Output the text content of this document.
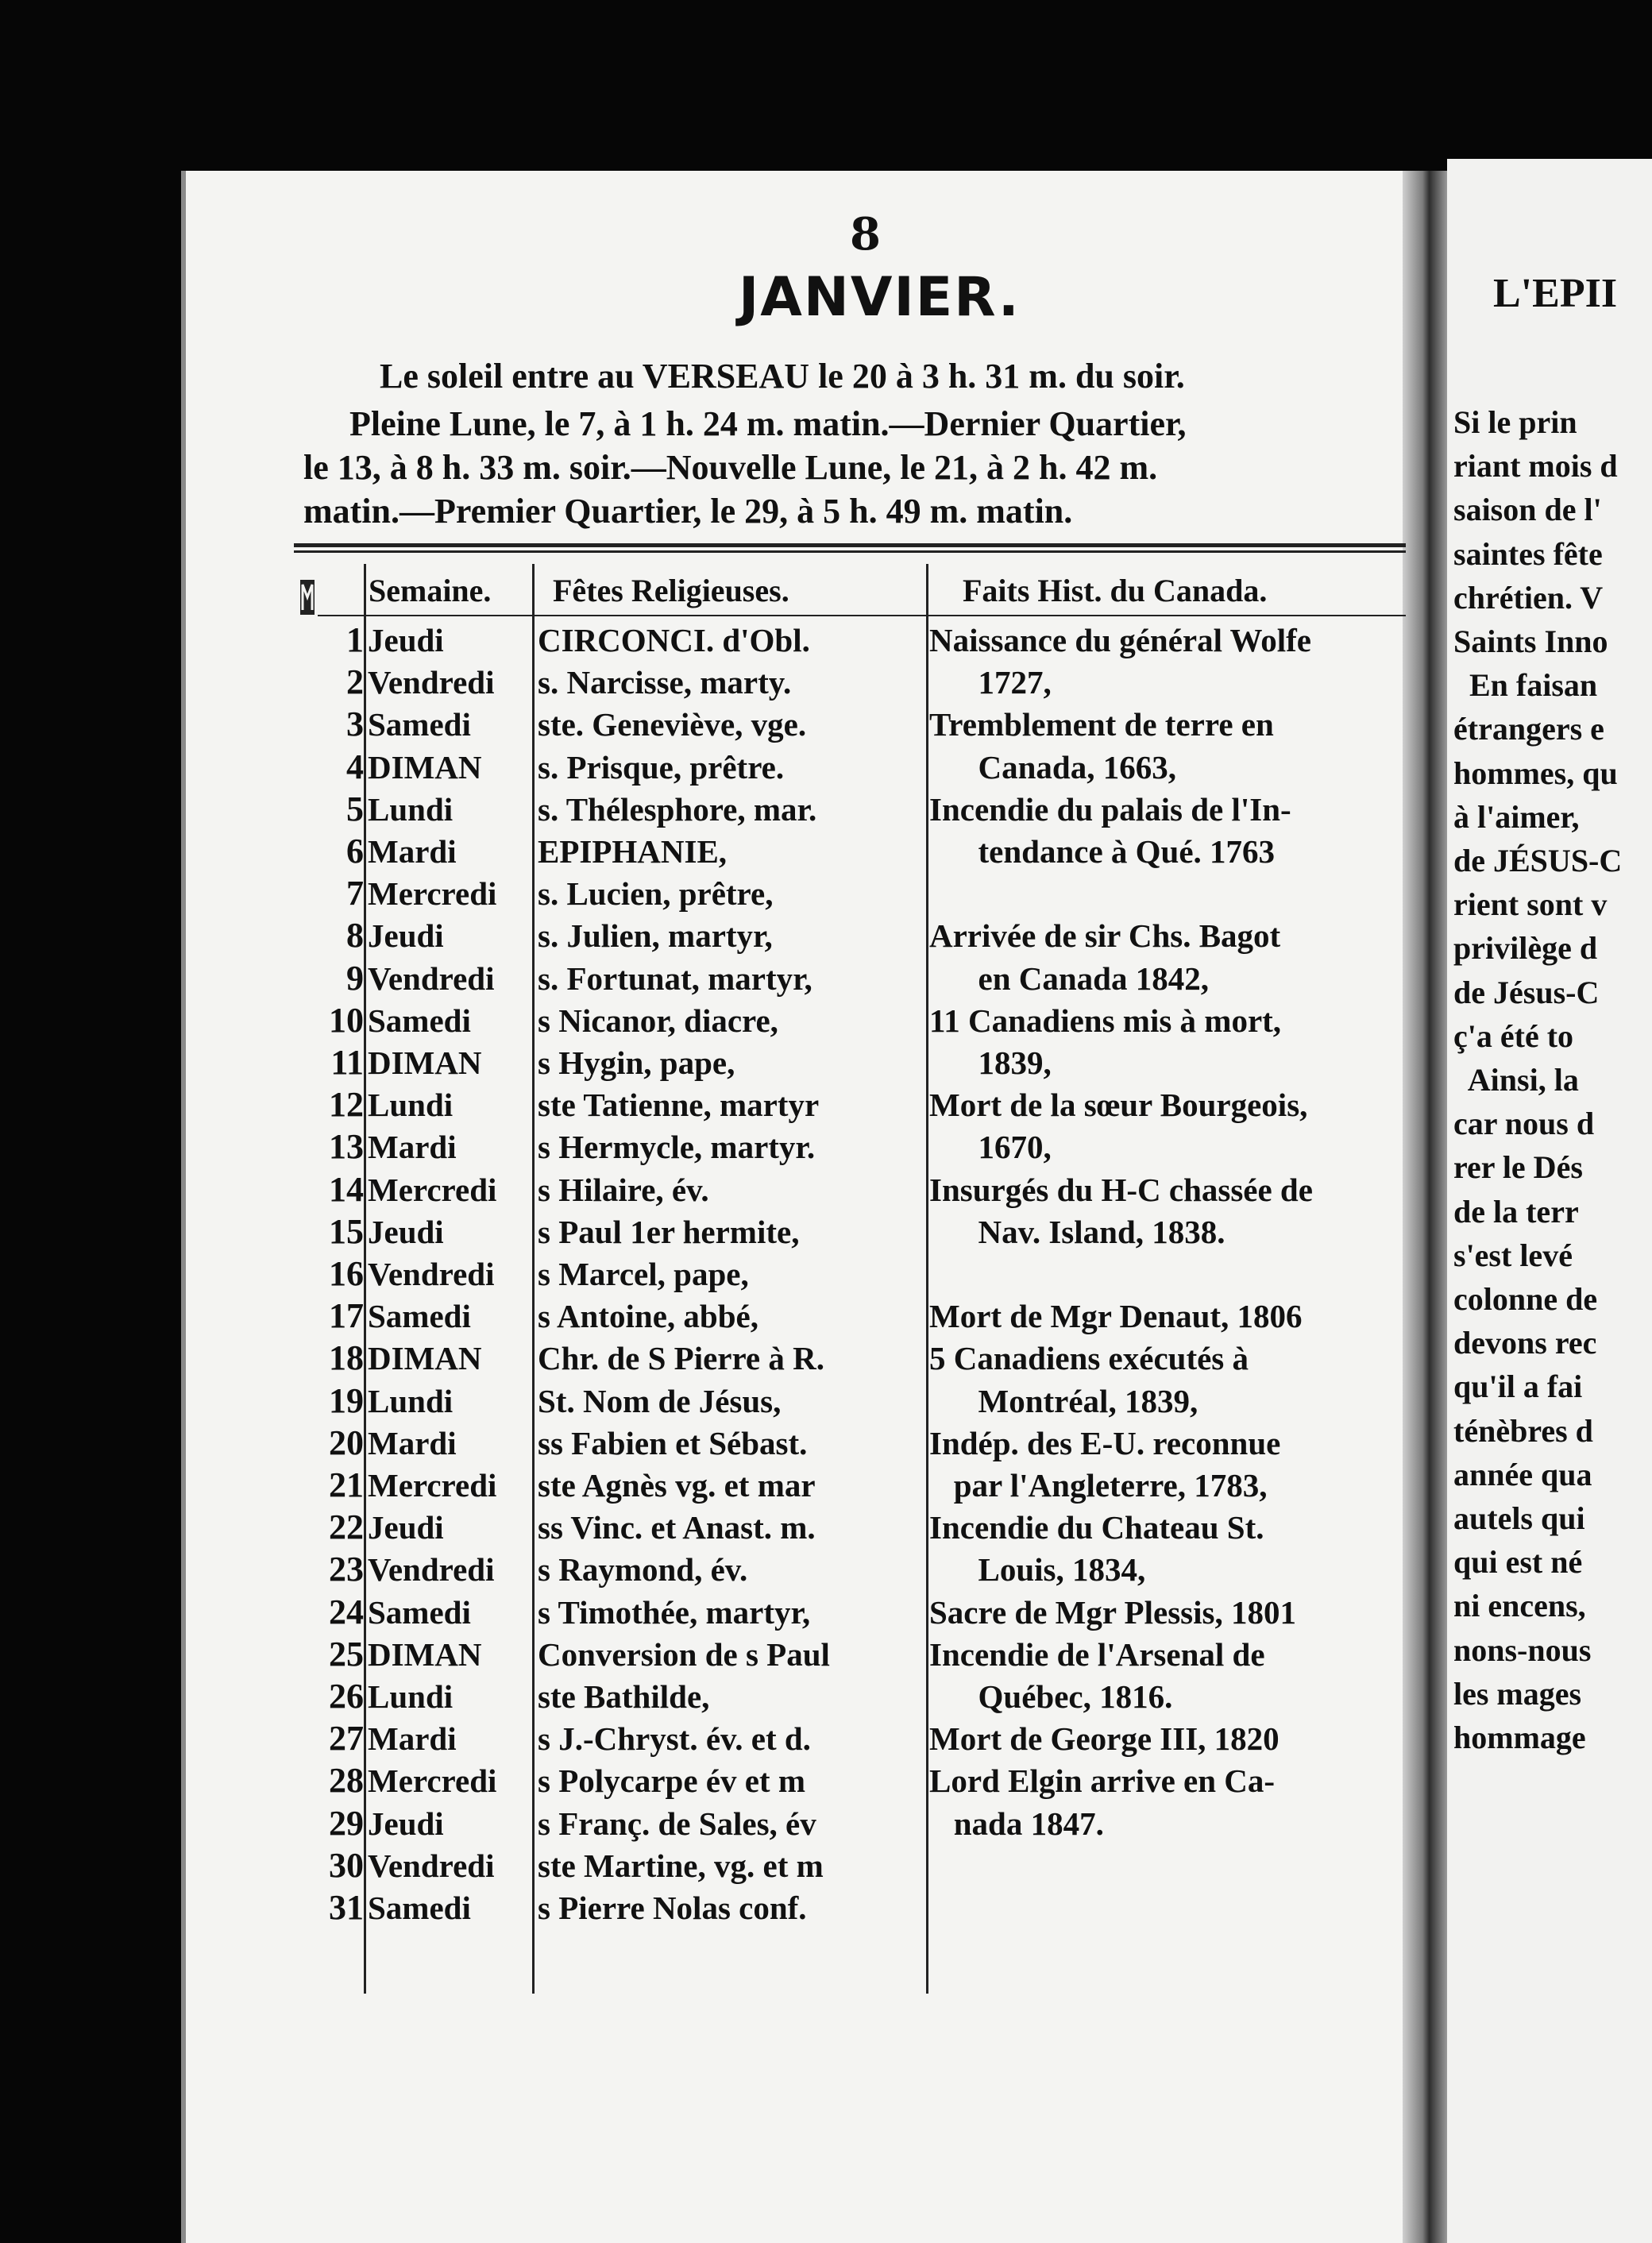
8
JANVIER.
Le soleil entre au VERSEAU le 20 à 3 h. 31 m. du soir.
Pleine Lune, le 7, à 1 h. 24 m. matin.—Dernier Quartier,
le 13, à 8 h. 33 m. soir.—Nouvelle Lune, le 21, à 2 h. 42 m.
matin.—Premier Quartier, le 29, à 5 h. 49 m. matin.
Semaine. Fêtes Religieuses.	Faits Hist. du Canada.
1 Jeudi	CIRCONCI. d'Obl.	Naissance du général Wolfe
2 Vendredi s. Narcisse, marty.	1727,
3 Samedi ste. Geneviève, vge.	Tremblement de terre en
4 DIMAN s. Prisque, prêtre.	Canada, 1663,
5 Lundi	s. Thélesphore, mar.	Incendie du palais de l'In-
6 Mardi EPIPHANIE,	tendance à Qué. 1763
7 Mercredi s. Lucien, prêtre,
8 Jeudi	s. Julien, martyr,	Arrivée de sir Chs. Bagot
9 Vendredi s. Fortunat, martyr,	en Canada 1842,
10 Samedi s Nicanor, diacre,	11 Canadiens mis à mort,
11 DIMAN s Hygin, pape,	1839,
12 Lundi	ste Tatienne, martyr	Mort de la sœur Bourgeois,
13 Mardi s Hermycle, martyr.	1670,
14 Mercredi s Hilaire, év.	Insurgés du H-C chassée de
15 Jeudi	s Paul 1er hermite,	Nav. Island, 1838.
16 Vendredi s Marcel, pape,
17 Samedi s Antoine, abbé,	Mort de Mgr Denaut, 1806
18 DIMAN Chr. de S Pierre à R.	5 Canadiens exécutés à
19 Lundi	St. Nom de Jésus,	Montréal, 1839,
20 Mardi ss Fabien et Sébast.	Indép. des E-U. reconnue
21 Mercredi ste Agnès vg. et mar	par l'Angleterre, 1783,
22 Jeudi	ss Vinc. et Anast. m.	Incendie du Chateau St.
23 Vendredi s Raymond, év.	Louis, 1834,
24 Samedi s Timothée, martyr,	Sacre de Mgr Plessis, 1801
25 DIMAN Conversion de s Paul	Incendie de l'Arsenal de
26 Lundi	ste Bathilde,	Québec, 1816.
27 Mardi s J.-Chryst. év. et d.	Mort de George III, 1820
28 Mercredi s Polycarpe év et m	Lord Elgin arrive en Ca-
29 Jeudi	s Franç. de Sales, év	nada 1847.
30 Vendredi ste Martine, vg. et m
31 Samedi s Pierre Nolas conf.
L'EPII
Si le prin
riant mois d
saison de l'
saintes fête
chrétien. V
Saints Inno
En faisan
étrangers e
hommes, qu
à l'aimer,
de JÉSUS-C
rient sont v
privilège d
de Jésus-C
ç'a été to
Ainsi, la
car nous d
rer le Dés
de la terr
s'est levé
colonne de
devons rec
qu'il a fai
ténèbres d
année qua
autels qui
qui est né
ni encens,
nons-nous
les mages
hommage
